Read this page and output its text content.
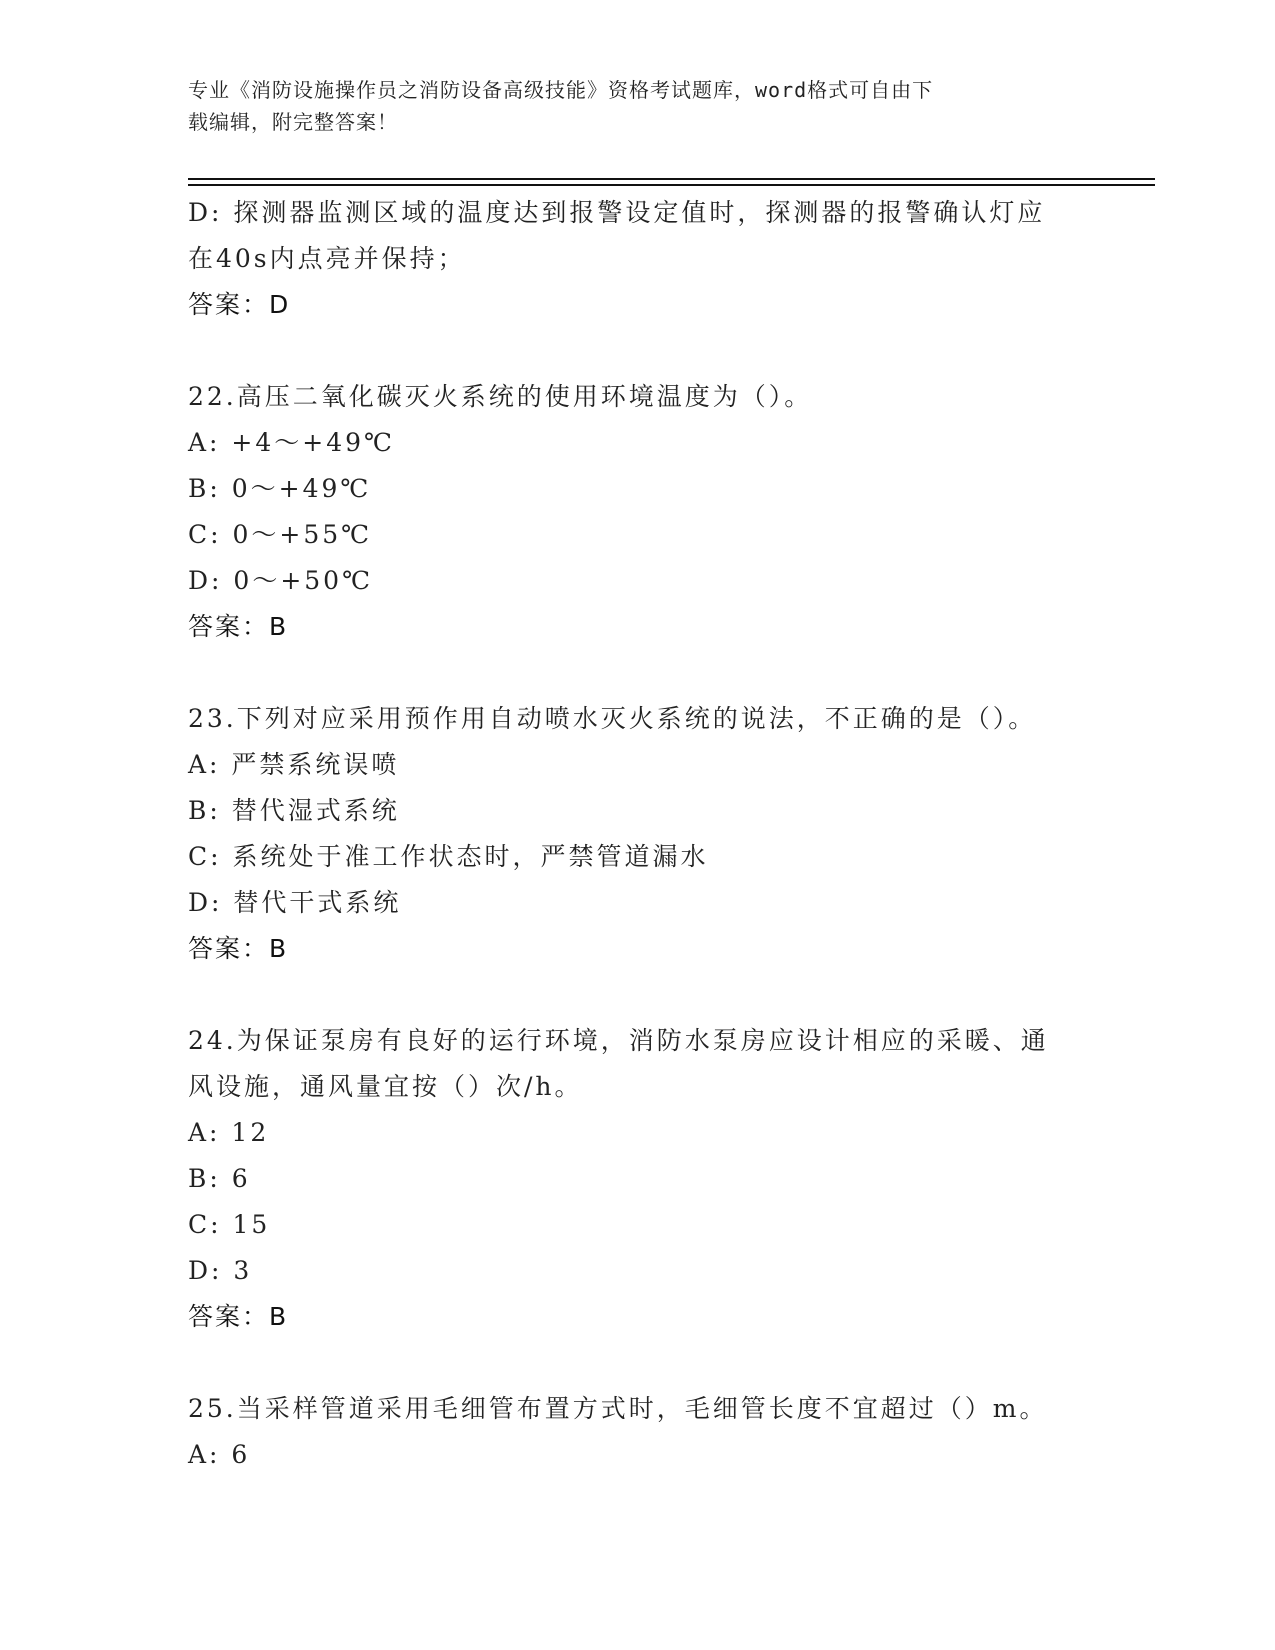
专业《消防设施操作员之消防设备高级技能》资格考试题库，word格式可自由下
载编辑，附完整答案！
D: 探测器监测区域的温度达到报警设定值时，探测器的报警确认灯应
在40s内点亮并保持；
答案：D
22.高压二氧化碳灭火系统的使用环境温度为（）。
A: +4～+49℃
B: 0～+49℃
C: 0～+55℃
D: 0～+50℃
答案：B
23.下列对应采用预作用自动喷水灭火系统的说法，不正确的是（）。
A: 严禁系统误喷
B: 替代湿式系统
C: 系统处于准工作状态时，严禁管道漏水
D: 替代干式系统
答案：B
24.为保证泵房有良好的运行环境，消防水泵房应设计相应的采暖、通
风设施，通风量宜按（）次/h。
A: 12
B: 6
C: 15
D: 3
答案：B
25.当采样管道采用毛细管布置方式时，毛细管长度不宜超过（）m。
A: 6
